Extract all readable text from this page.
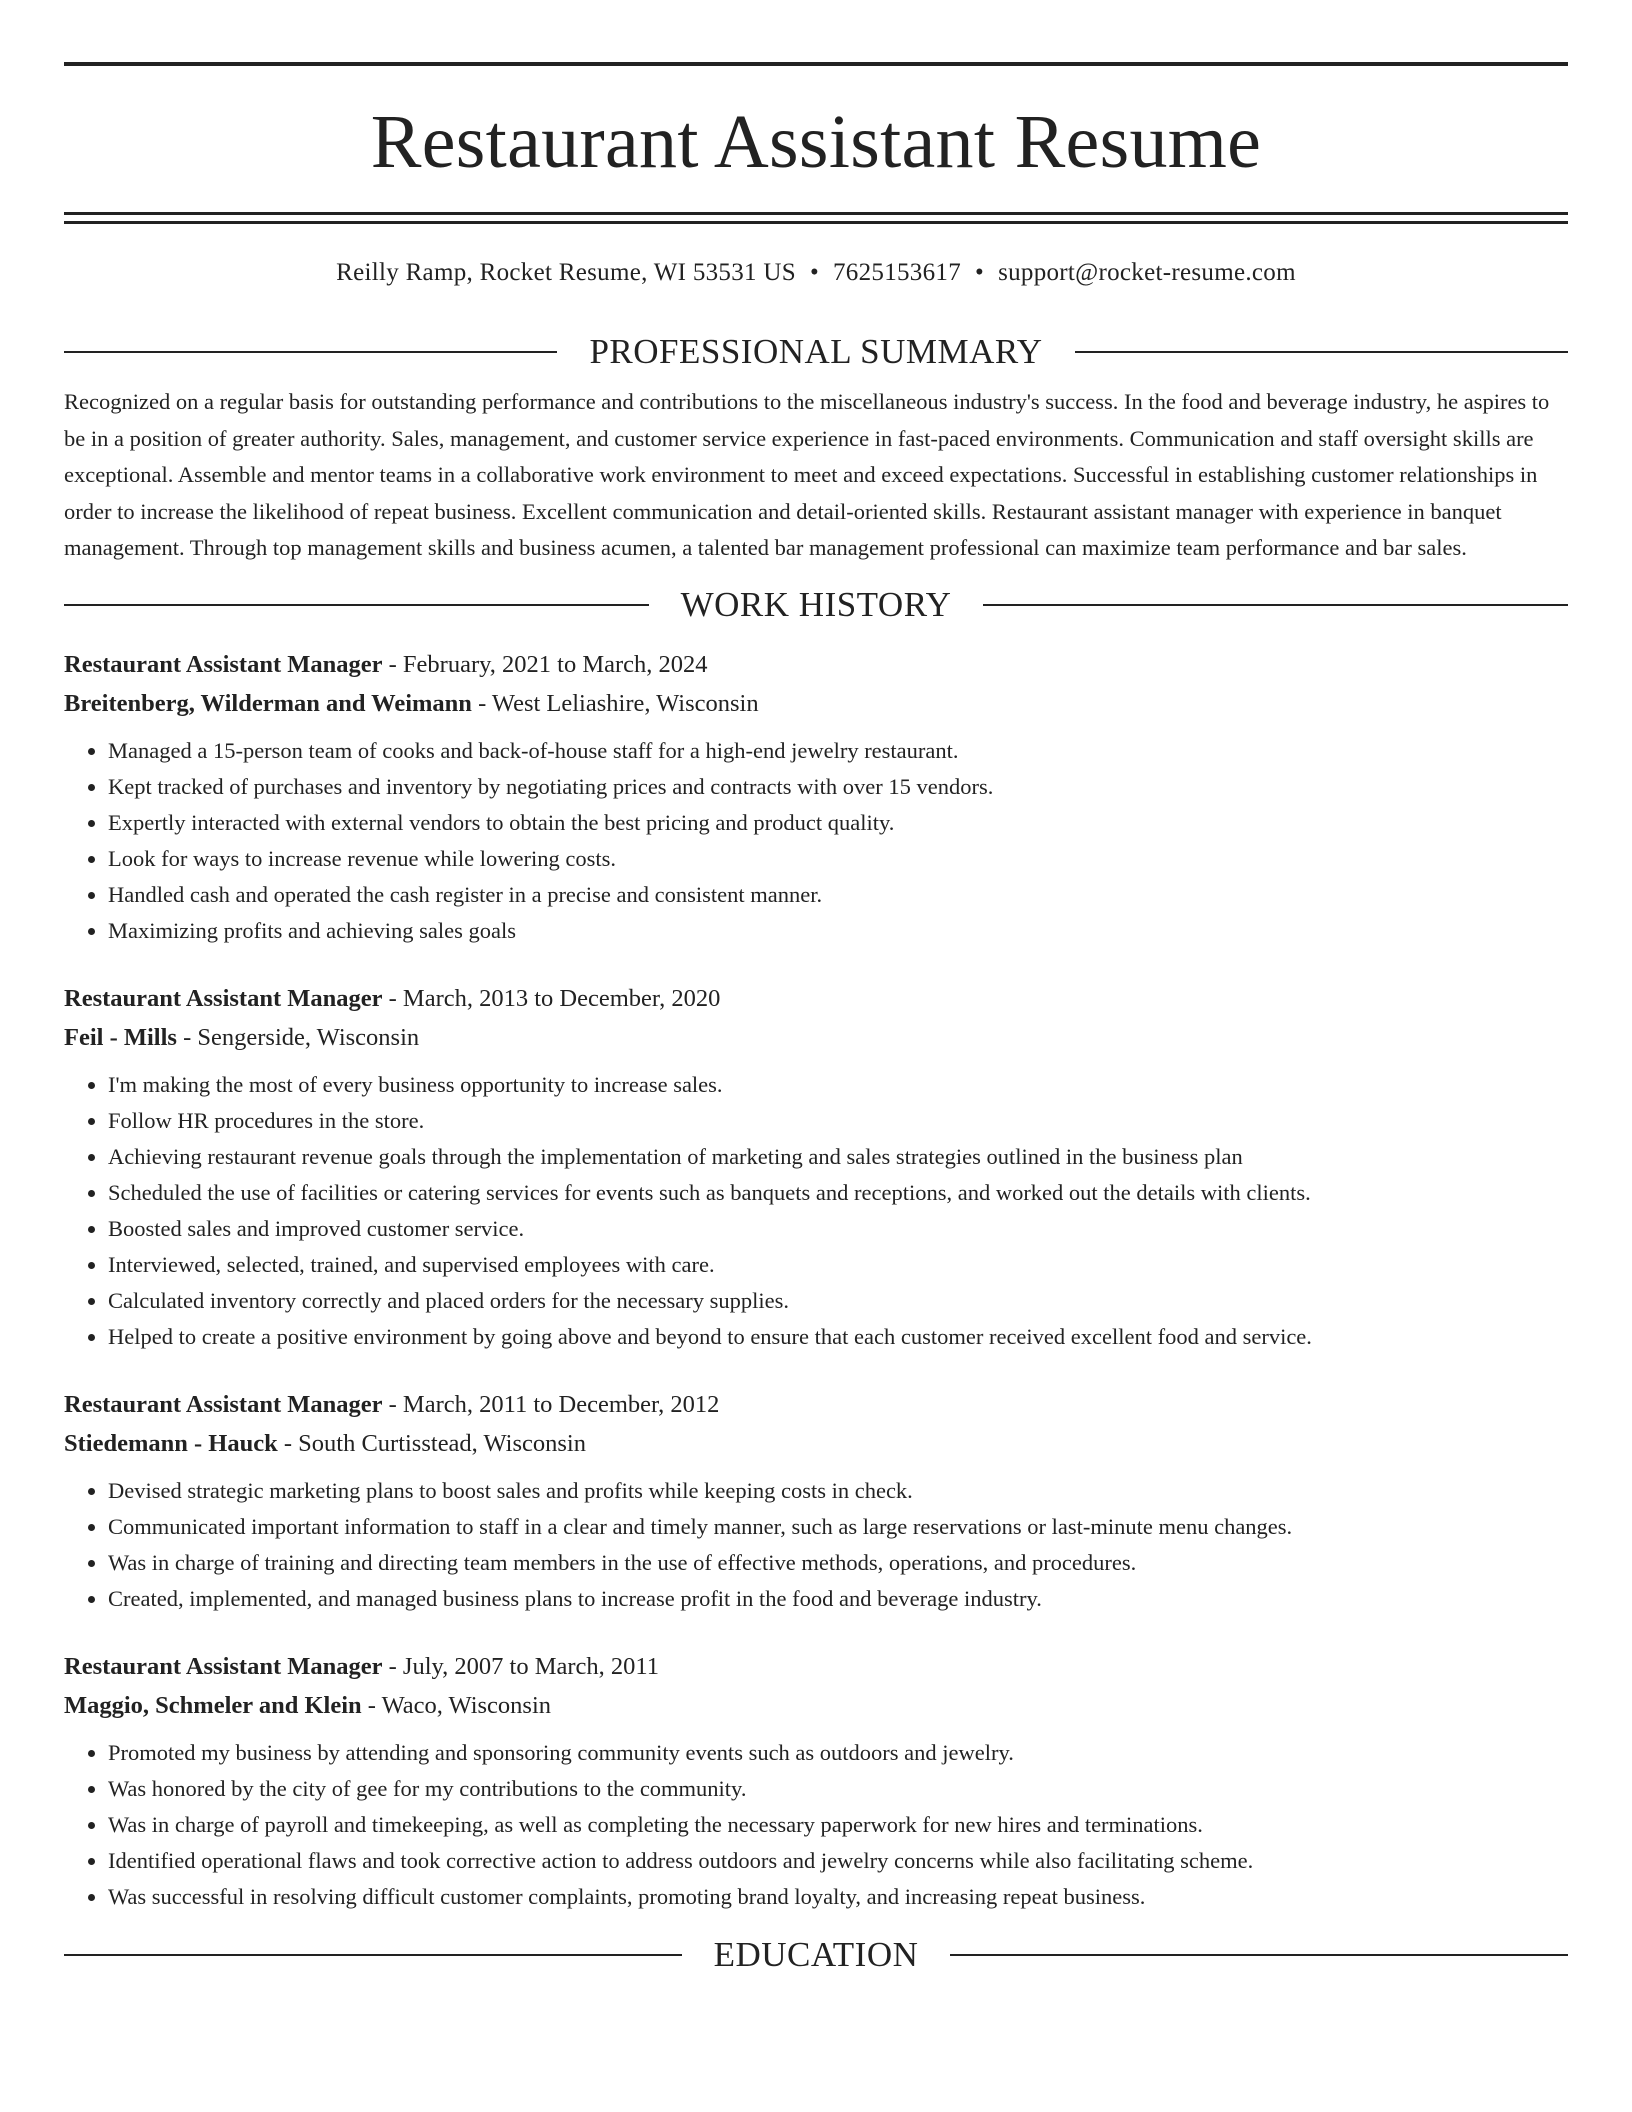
Restaurant Assistant Resume
Reilly Ramp, Rocket Resume, WI 53531 US • 7625153617 • support@rocket-resume.com
PROFESSIONAL SUMMARY
Recognized on a regular basis for outstanding performance and contributions to the miscellaneous industry's success. In the food and beverage industry, he aspires to be in a position of greater authority. Sales, management, and customer service experience in fast-paced environments. Communication and staff oversight skills are exceptional. Assemble and mentor teams in a collaborative work environment to meet and exceed expectations. Successful in establishing customer relationships in order to increase the likelihood of repeat business. Excellent communication and detail-oriented skills. Restaurant assistant manager with experience in banquet management. Through top management skills and business acumen, a talented bar management professional can maximize team performance and bar sales.
WORK HISTORY
Restaurant Assistant Manager - February, 2021 to March, 2024
Breitenberg, Wilderman and Weimann - West Leliashire, Wisconsin
• Managed a 15-person team of cooks and back-of-house staff for a high-end jewelry restaurant.
• Kept tracked of purchases and inventory by negotiating prices and contracts with over 15 vendors.
• Expertly interacted with external vendors to obtain the best pricing and product quality.
• Look for ways to increase revenue while lowering costs.
• Handled cash and operated the cash register in a precise and consistent manner.
• Maximizing profits and achieving sales goals
Restaurant Assistant Manager - March, 2013 to December, 2020
Feil - Mills - Sengerside, Wisconsin
• I'm making the most of every business opportunity to increase sales.
• Follow HR procedures in the store.
• Achieving restaurant revenue goals through the implementation of marketing and sales strategies outlined in the business plan
• Scheduled the use of facilities or catering services for events such as banquets and receptions, and worked out the details with clients.
• Boosted sales and improved customer service.
• Interviewed, selected, trained, and supervised employees with care.
• Calculated inventory correctly and placed orders for the necessary supplies.
• Helped to create a positive environment by going above and beyond to ensure that each customer received excellent food and service.
Restaurant Assistant Manager - March, 2011 to December, 2012
Stiedemann - Hauck - South Curtisstead, Wisconsin
• Devised strategic marketing plans to boost sales and profits while keeping costs in check.
• Communicated important information to staff in a clear and timely manner, such as large reservations or last-minute menu changes.
• Was in charge of training and directing team members in the use of effective methods, operations, and procedures.
• Created, implemented, and managed business plans to increase profit in the food and beverage industry.
Restaurant Assistant Manager - July, 2007 to March, 2011
Maggio, Schmeler and Klein - Waco, Wisconsin
• Promoted my business by attending and sponsoring community events such as outdoors and jewelry.
• Was honored by the city of gee for my contributions to the community.
• Was in charge of payroll and timekeeping, as well as completing the necessary paperwork for new hires and terminations.
• Identified operational flaws and took corrective action to address outdoors and jewelry concerns while also facilitating scheme.
• Was successful in resolving difficult customer complaints, promoting brand loyalty, and increasing repeat business.
EDUCATION
